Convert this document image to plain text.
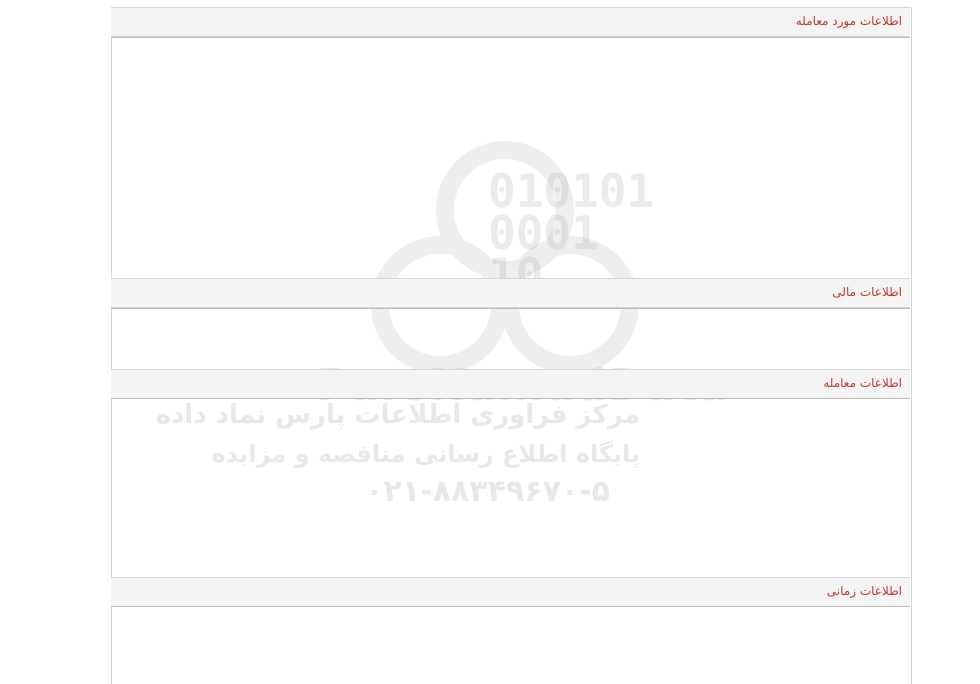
010101
0001
10
مرکز فراوری اطلاعات پارس نماد داده
پایگاه اطلاع رسانی مناقصه و مزایده
۰۲۱-۸۸۳۴۹۶۷۰-۵
اطلاعات مورد معامله
اطلاعات مالی
اطلاعات معامله
اطلاعات زمانی
